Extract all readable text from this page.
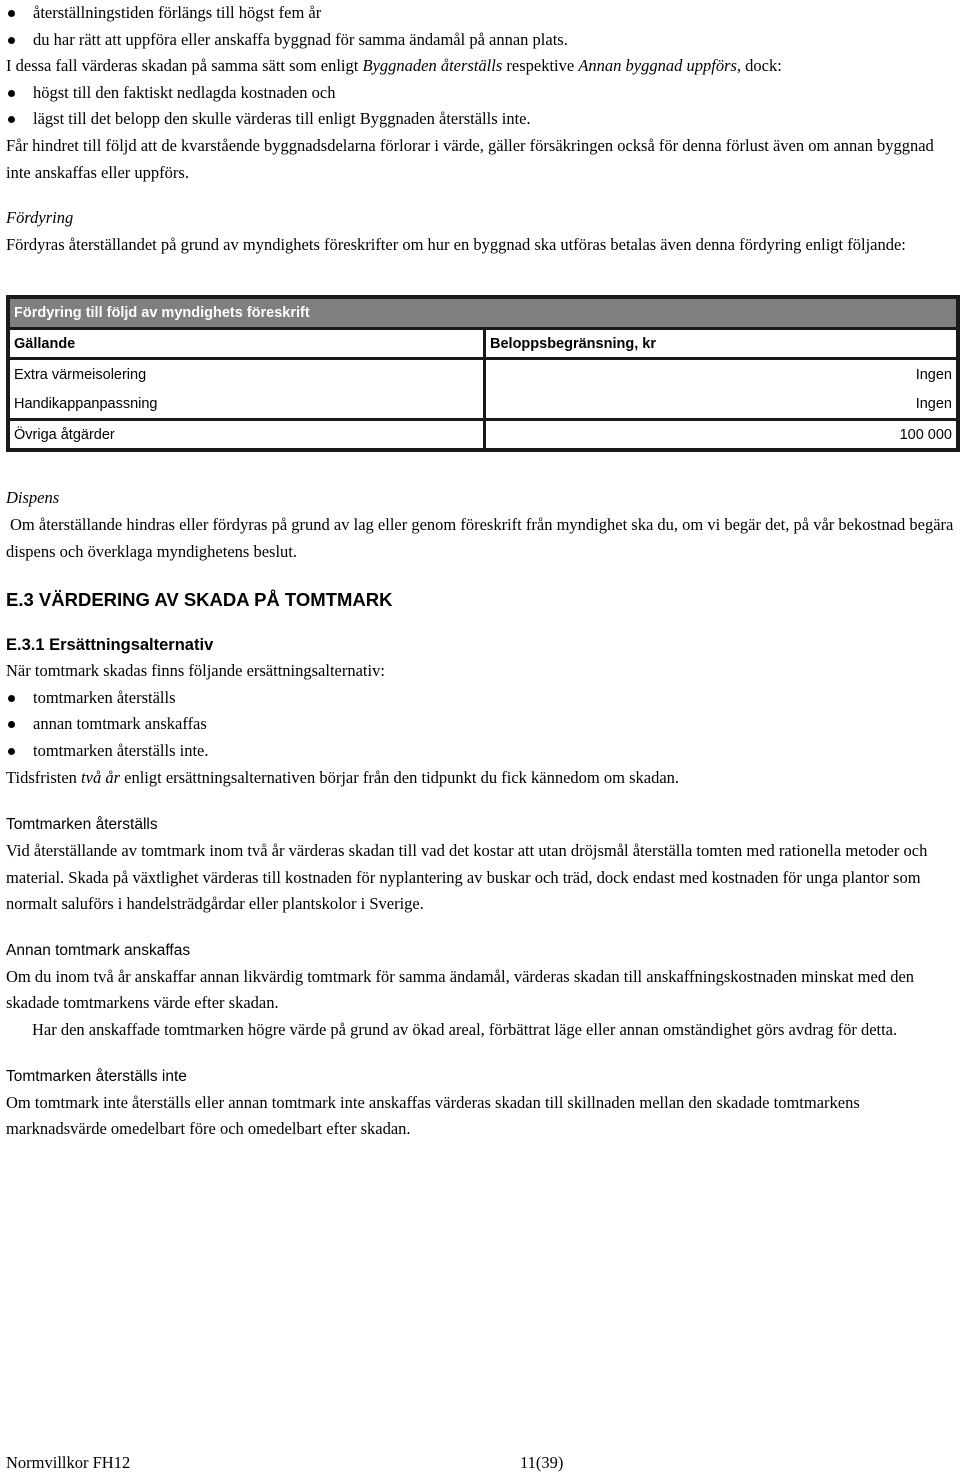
återställningstiden förlängs till högst fem år
du har rätt att uppföra eller anskaffa byggnad för samma ändamål på annan plats.

I dessa fall värderas skadan på samma sätt som enligt Byggnaden återställs respektive Annan byggnad uppförs, dock:

högst till den faktiskt nedlagda kostnaden och
lägst till det belopp den skulle värderas till enligt Byggnaden återställs inte.

Får hindret till följd att de kvarstående byggnadsdelarna förlorar i värde, gäller försäkringen också för denna förlust även om annan byggnad inte anskaffas eller uppförs.

Fördyring

Fördyras återställandet på grund av myndighets föreskrifter om hur en byggnad ska utföras betalas även denna fördyring enligt följande:

Fördyring till följd av myndighets föreskrift	
Gällande	Beloppsbegränsning, kr
Extra värmeisolering	Ingen
Handikappanpassning	Ingen
Övriga åtgärder	100 000

Dispens

Om återställande hindras eller fördyras på grund av lag eller genom föreskrift från myndighet ska du, om vi begär det, på vår bekostnad begära dispens och överklaga myndighetens beslut.

E.3 VÄRDERING AV SKADA PÅ TOMTMARK

E.3.1 Ersättningsalternativ

När tomtmark skadas finns följande ersättningsalternativ:

tomtmarken återställs
annan tomtmark anskaffas
tomtmarken återställs inte.

Tidsfristen två år enligt ersättningsalternativen börjar från den tidpunkt du fick kännedom om skadan.

Tomtmarken återställs

Vid återställande av tomtmark inom två år värderas skadan till vad det kostar att utan dröjsmål återställa tomten med rationella metoder och material. Skada på växtlighet värderas till kostnaden för nyplantering av buskar och träd, dock endast med kostnaden för unga plantor som normalt saluförs i handelsträdgårdar eller plantskolor i Sverige.

Annan tomtmark anskaffas

Om du inom två år anskaffar annan likvärdig tomtmark för samma ändamål, värderas skadan till anskaffningskostnaden minskat med den skadade tomtmarkens värde efter skadan.

Har den anskaffade tomtmarken högre värde på grund av ökad areal, förbättrat läge eller annan omständighet görs avdrag för detta.

Tomtmarken återställs inte

Om tomtmark inte återställs eller annan tomtmark inte anskaffas värderas skadan till skillnaden mellan den skadade tomtmarkens marknadsvärde omedelbart före och omedelbart efter skadan.

Normvillkor FH12	11(39)
